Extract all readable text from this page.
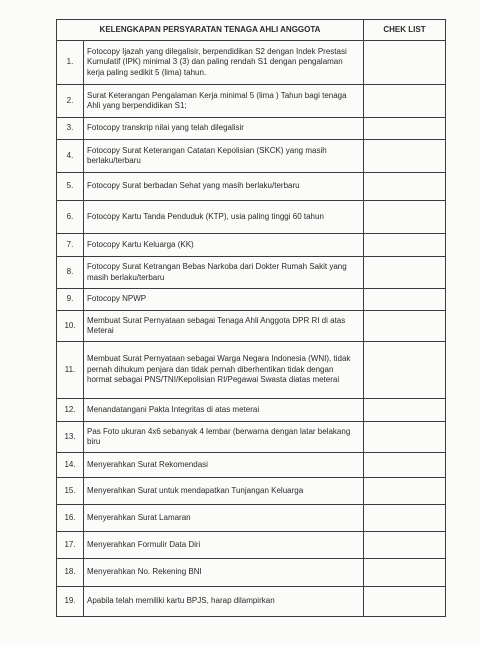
KELENGKAPAN PERSYARATAN TENAGA AHLI ANGGOTA		CHEK LIST
1.	Fotocopy Ijazah yang dilegalisir, berpendidikan S2 dengan Indek Prestasi Kumulatif (IPK) minimal 3 (3) dan paling rendah S1 dengan pengalaman kerja paling sedikit 5 (lima) tahun.	
2.	Surat Keterangan Pengalaman Kerja minimal 5 (lima ) Tahun bagi tenaga Ahli yang berpendidikan S1;	
3.	Fotocopy transkrip nilai yang telah dilegalisir	
4.	Fotocopy Surat Keterangan Catatan Kepolisian (SKCK) yang masih berlaku/terbaru	
5.	Fotocopy Surat berbadan Sehat yang masih berlaku/terbaru	
6.	Fotocopy Kartu Tanda Penduduk (KTP), usia paling tinggi 60 tahun	
7.	Fotocopy Kartu Keluarga (KK)	
8.	Fotocopy Surat Ketrangan Bebas Narkoba dari Dokter Rumah Sakit yang masih berlaku/terbaru	
9.	Fotocopy NPWP	
10.	Membuat Surat Pernyataan sebagai Tenaga Ahli Anggota DPR RI di atas Meterai	
11.	Membuat Surat Pernyataan sebagai Warga Negara Indonesia (WNI), tidak pernah dihukum penjara dan tidak pernah diberhentikan tidak dengan hormat sebagai PNS/TNI/Kepolisian RI/Pegawai Swasta diatas meterai	
12.	Menandatangani Pakta Integritas di atas meterai	
13.	Pas Foto ukuran 4x6 sebanyak 4 lembar (berwarna dengan latar belakang biru	
14.	Menyerahkan Surat Rekomendasi	
15.	Menyerahkan Surat untuk mendapatkan Tunjangan Keluarga	
16.	Menyerahkan Surat Lamaran	
17.	Menyerahkan Formulir Data Diri	
18.	Menyerahkan No. Rekening BNI	
19.	Apabila telah memiliki kartu BPJS, harap dilampirkan	
